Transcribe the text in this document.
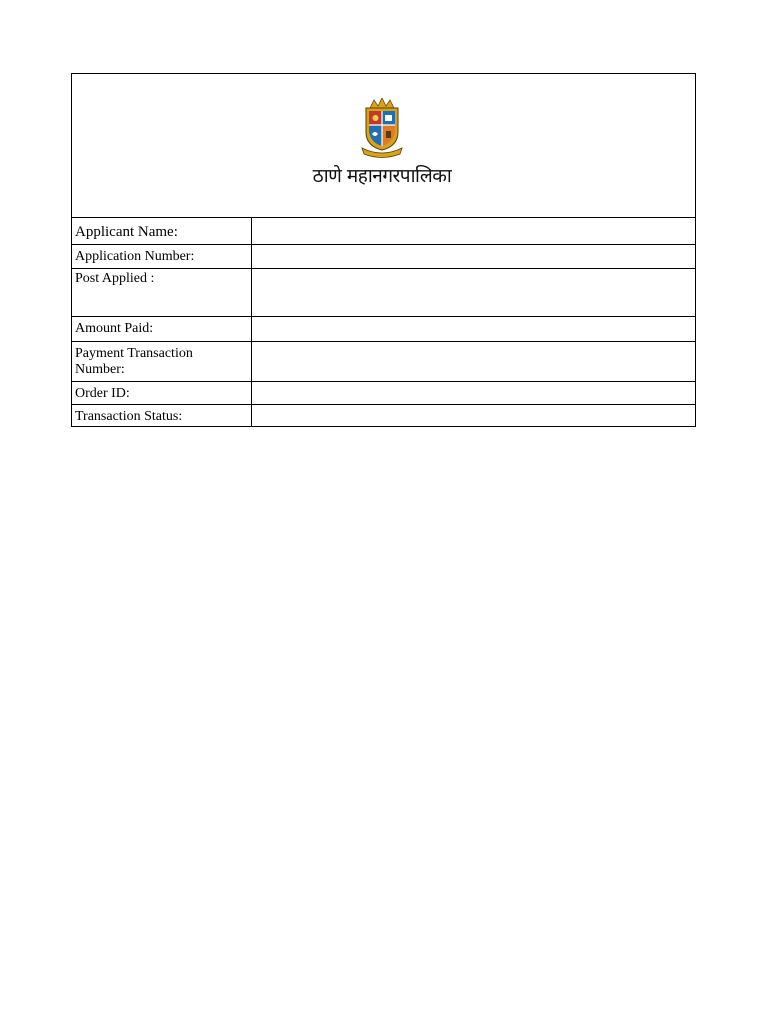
ठाणे महानगरपालिका
Applicant Name:
Application Number:
Post Applied :
Amount Paid:
Payment Transaction Number:
Order ID:
Transaction Status:
